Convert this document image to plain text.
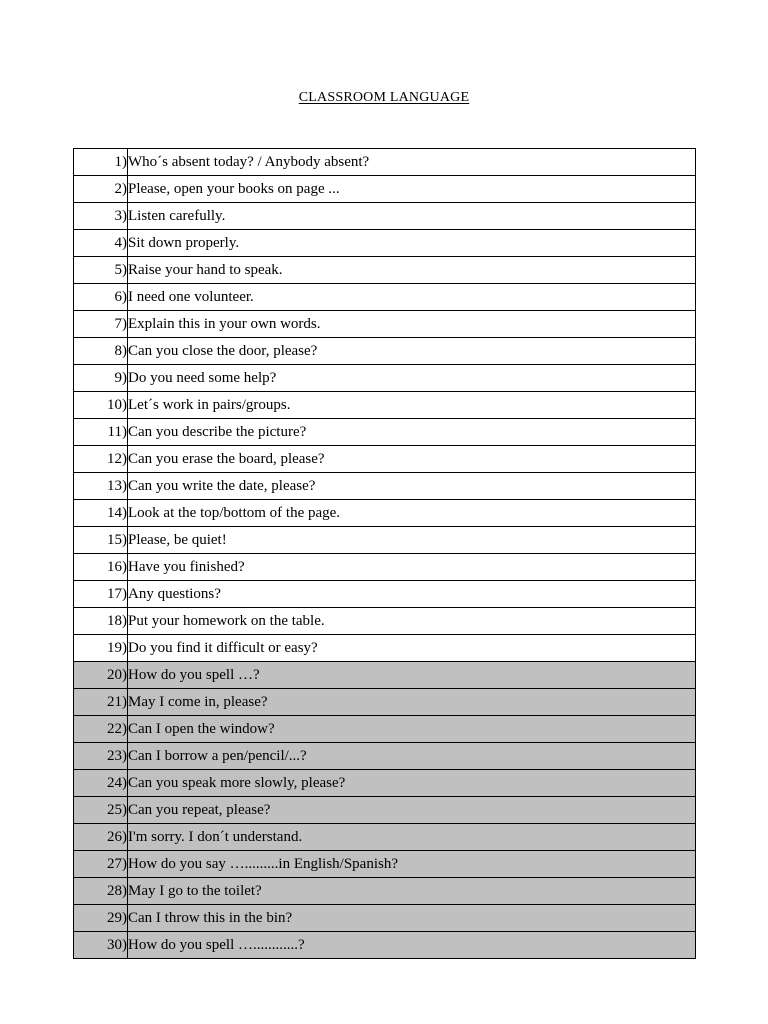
CLASSROOM LANGUAGE
1)	Who´s absent today? / Anybody absent?
2)	Please, open your books on page ...
3)	Listen carefully.
4)	Sit down properly.
5)	Raise your hand to speak.
6)	I need one volunteer.
7)	Explain this in your own words.
8)	Can you close the door, please?
9)	Do you need some help?
10)	Let´s work in pairs/groups.
11)	Can you describe the picture?
12)	Can you erase the board, please?
13)	Can you write the date, please?
14)	Look at the top/bottom of the page.
15)	Please, be quiet!
16)	Have you finished?
17)	Any questions?
18)	Put your homework on the table.
19)	Do you find it difficult or easy?
20)	How do you spell …?
21)	May I come in, please?
22)	Can I open the window?
23)	Can I borrow a pen/pencil/...?
24)	Can you speak more slowly, please?
25)	Can you repeat, please?
26)	I'm sorry. I don´t understand.
27)	How do you say ….........in English/Spanish?
28)	May I go to the toilet?
29)	Can I throw this in the bin?
30)	How do you spell …............?
